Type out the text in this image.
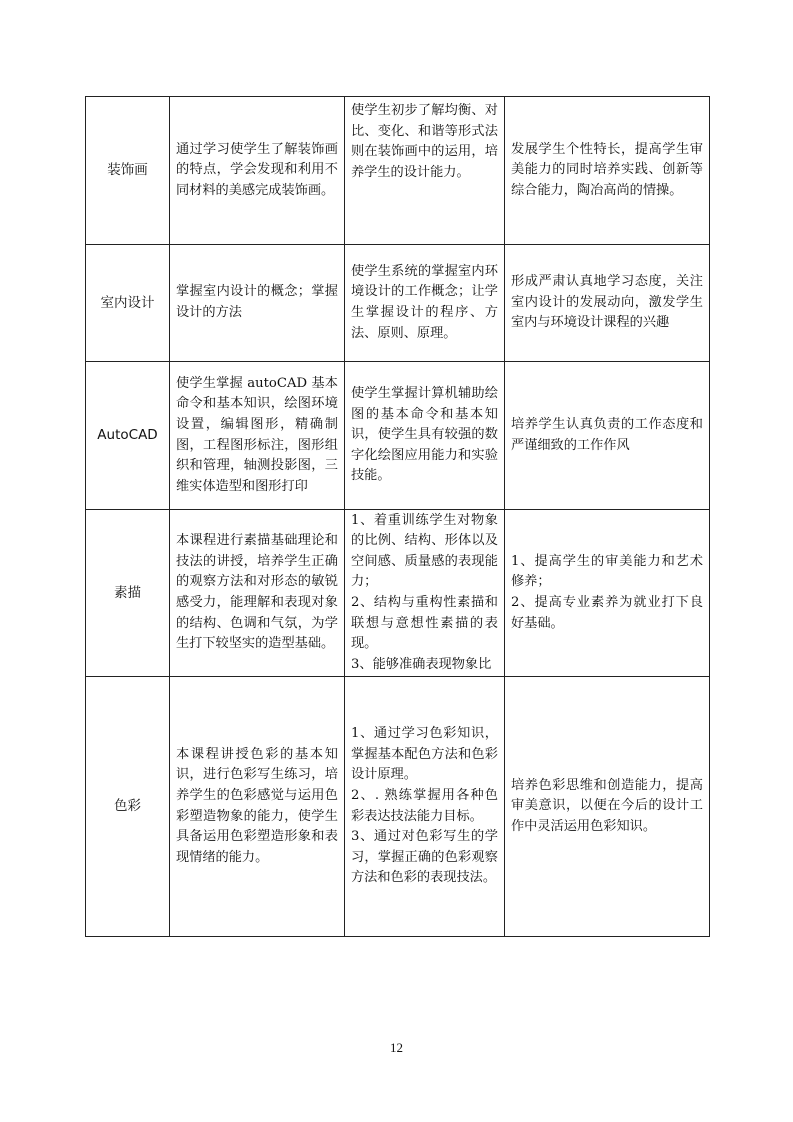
装饰画	通过学习使学生了解装饰画的特点，学会发现和利用不同材料的美感完成装饰画。	使学生初步了解均衡、对比、变化、和谐等形式法则在装饰画中的运用，培养学生的设计能力。	发展学生个性特长，提高学生审美能力的同时培养实践、创新等综合能力，陶冶高尚的情操。

室内设计	掌握室内设计的概念；掌握设计的方法	使学生系统的掌握室内环境设计的工作概念；让学生掌握设计的程序、方法、原则、原理。	形成严肃认真地学习态度，关注室内设计的发展动向，激发学生室内与环境设计课程的兴趣

AutoCAD	使学生掌握 autoCAD 基本命令和基本知识，绘图环境设置，编辑图形，精确制图，工程图形标注，图形组织和管理，轴测投影图，三维实体造型和图形打印	使学生掌握计算机辅助绘图的基本命令和基本知识，使学生具有较强的数字化绘图应用能力和实验技能。	培养学生认真负责的工作态度和严谨细致的工作作风

素描	本课程进行素描基础理论和技法的讲授，培养学生正确的观察方法和对形态的敏锐感受力，能理解和表现对象的结构、色调和气氛，为学生打下较坚实的造型基础。	1、着重训练学生对物象的比例、结构、形体以及空间感、质量感的表现能力；
2、结构与重构性素描和联想与意想性素描的表现。
3、能够准确表现物象比	1、提高学生的审美能力和艺术修养；
2、提高专业素养为就业打下良好基础。

色彩	本课程讲授色彩的基本知识，进行色彩写生练习，培养学生的色彩感觉与运用色彩塑造物象的能力，使学生具备运用色彩塑造形象和表现情绪的能力。	1、通过学习色彩知识，掌握基本配色方法和色彩设计原理。
2、. 熟练掌握用各种色彩表达技法能力目标。
3、通过对色彩写生的学习，掌握正确的色彩观察方法和色彩的表现技法。	培养色彩思维和创造能力，提高审美意识，以便在今后的设计工作中灵活运用色彩知识。
12
